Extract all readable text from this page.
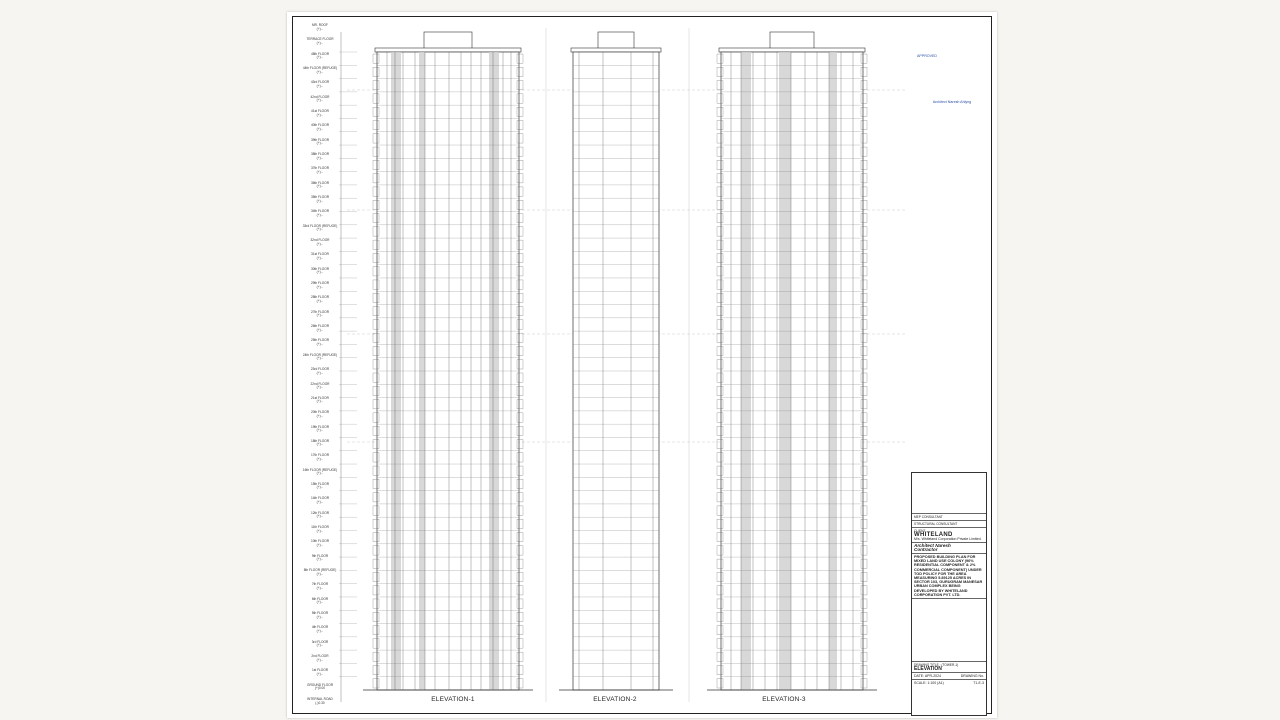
MR. ROOF
(+)...
TERRACE FLOOR
(+)...
48th FLOOR
(+)...
44th FLOOR (REFUGE)
(+)...
43rd FLOOR
(+)...
42nd FLOOR
(+)...
41st FLOOR
(+)...
40th FLOOR
(+)...
39th FLOOR
(+)...
38th FLOOR
(+)...
37th FLOOR
(+)...
36th FLOOR
(+)...
35th FLOOR
(+)...
34th FLOOR
(+)...
33rd FLOOR (REFUGE)
(+)...
32nd FLOOR
(+)...
31st FLOOR
(+)...
30th FLOOR
(+)...
29th FLOOR
(+)...
28th FLOOR
(+)...
27th FLOOR
(+)...
26th FLOOR
(+)...
25th FLOOR
(+)...
24th FLOOR (REFUGE)
(+)...
23rd FLOOR
(+)...
22nd FLOOR
(+)...
21st FLOOR
(+)...
20th FLOOR
(+)...
19th FLOOR
(+)...
18th FLOOR
(+)...
17th FLOOR
(+)...
16th FLOOR (REFUGE)
(+)...
15th FLOOR
(+)...
14th FLOOR
(+)...
12th FLOOR
(+)...
11th FLOOR
(+)...
10th FLOOR
(+)...
9th FLOOR
(+)...
8th FLOOR (REFUGE)
(+)...
7th FLOOR
(+)...
6th FLOOR
(+)...
5th FLOOR
(+)...
4th FLOOR
(+)...
3rd FLOOR
(+)...
2nd FLOOR
(+)...
1st FLOOR
(+)...
GROUND FLOOR
(+)0.00
INTERNAL ROAD
(-)0.30	ELEVATION-1	ELEVATION-2	ELEVATION-3
APPROVED
Architect Naresh Ahlyng
MEP CONSULTANT
STRUCTURAL CONSULTANT
CLIENT
WHITELAND
M/s. Whiteland Corporation Private Limited.
Architect Naresh
Contractor
PROPOSED BUILDING PLAN FOR MIXED LAND USE COLONY (96% RESIDENTIAL COMPONENT & 2% COMMERCIAL COMPONENT) UNDER TOD POLICY FOR THE AREA MEASURING 5.89125 ACRES IN SECTOR 103, GURUGRAM MANESAR URBAN COMPLEX BEING DEVELOPED BY WHITELAND CORPORATION PVT. LTD.
DRAWING TITLE : (TOWER-1)
ELEVATION
DATE: APR-2024	DRAWING No.
SCALE: 1:100 (A1)	T1-E-3
